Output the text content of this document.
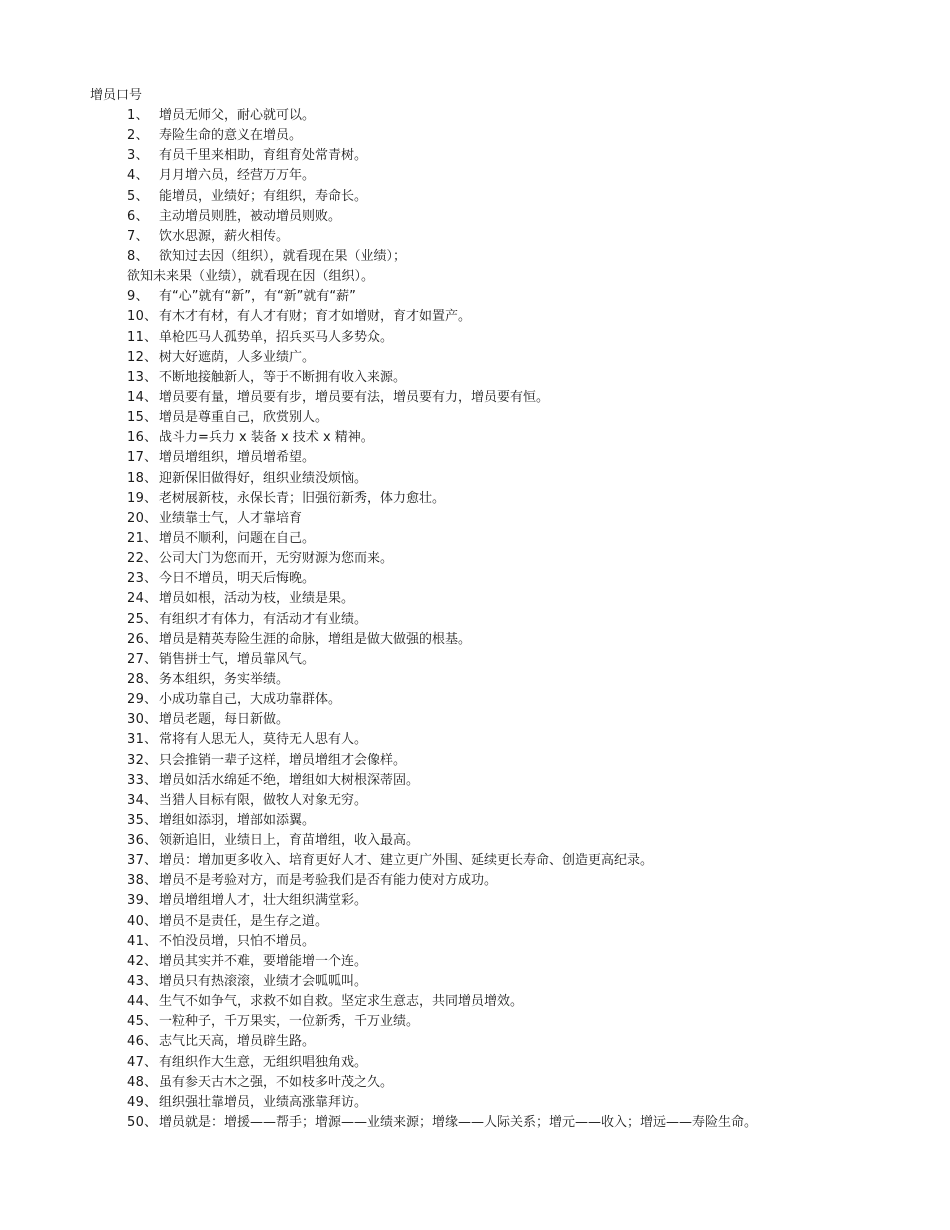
增员口号
1、 增员无师父，耐心就可以。
2、 寿险生命的意义在增员。
3、 有员千里来相助，育组育处常青树。
4、 月月增六员，经营万万年。
5、 能增员，业绩好；有组织，寿命长。
6、 主动增员则胜，被动增员则败。
7、 饮水思源，薪火相传。
8、 欲知过去因（组织），就看现在果（业绩）；
欲知未来果（业绩），就看现在因（组织）。
9、 有“心”就有“新”，有“新”就有“薪”
10、 有木才有材，有人才有财；育才如增财，育才如置产。
11、 单枪匹马人孤势单，招兵买马人多势众。
12、 树大好遮荫，人多业绩广。
13、 不断地接触新人，等于不断拥有收入来源。
14、 增员要有量，增员要有步，增员要有法，增员要有力，增员要有恒。
15、 增员是尊重自己，欣赏别人。
16、 战斗力=兵力 x 装备 x 技术 x 精神。
17、 增员增组织，增员增希望。
18、 迎新保旧做得好，组织业绩没烦恼。
19、 老树展新枝，永保长青；旧强衍新秀，体力愈壮。
20、 业绩靠士气，人才靠培育
21、 增员不顺利，问题在自己。
22、 公司大门为您而开，无穷财源为您而来。
23、 今日不增员，明天后悔晚。
24、 增员如根，活动为枝，业绩是果。
25、 有组织才有体力，有活动才有业绩。
26、 增员是精英寿险生涯的命脉，增组是做大做强的根基。
27、 销售拼士气，增员靠风气。
28、 务本组织，务实举绩。
29、 小成功靠自己，大成功靠群体。
30、 增员老题，每日新做。
31、 常将有人思无人，莫待无人思有人。
32、 只会推销一辈子这样，增员增组才会像样。
33、 增员如活水绵延不绝，增组如大树根深蒂固。
34、 当猎人目标有限，做牧人对象无穷。
35、 增组如添羽，增部如添翼。
36、 领新追旧，业绩日上，育苗增组，收入最高。
37、 增员：增加更多收入、培育更好人才、建立更广外围、延续更长寿命、创造更高纪录。
38、 增员不是考验对方，而是考验我们是否有能力使对方成功。
39、 增员增组增人才，壮大组织满堂彩。
40、 增员不是责任，是生存之道。
41、 不怕没员增，只怕不增员。
42、 增员其实并不难，要增能增一个连。
43、 增员只有热滚滚，业绩才会呱呱叫。
44、 生气不如争气，求救不如自救。坚定求生意志，共同增员增效。
45、 一粒种子，千万果实，一位新秀，千万业绩。
46、 志气比天高，增员辟生路。
47、 有组织作大生意，无组织唱独角戏。
48、 虽有参天古木之强，不如枝多叶茂之久。
49、 组织强壮靠增员，业绩高涨靠拜访。
50、 增员就是：增援——帮手；增源——业绩来源；增缘——人际关系；增元——收入；增远——寿险生命。
